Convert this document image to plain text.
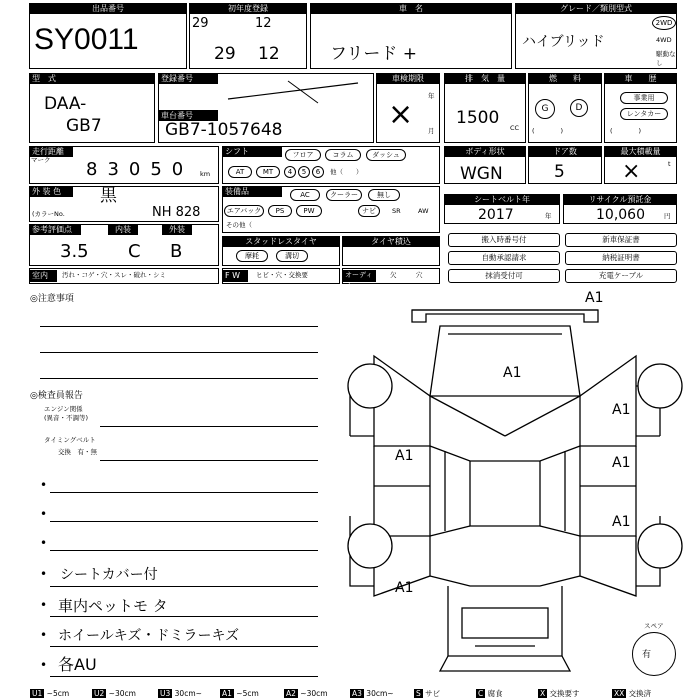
出品番号
SY0011
初年度登録
29	12
29 12
車　名
フリード +
グレード／類別型式
ハイブリッド
2WD
4WD
駆動なし
型　式
DAA-
GB7
登録番号
車台番号
GB7-1057648
車検期限
年
月
×
排　気　量
1500 CC
燃　　料
G	D
(　　　　)
車　　歴
事業用
レンタカー
(　　　　)
走行距離
マーク 83050 km
シフト	フロア	コラム	ダッシュ
AT	MT	4	5	6	他（　　）
ボディ形状
WGN
ドア数
5
最大積載量
t
×
外 装 色	黒
(カラーNo.	NH 828
装備品	AC	クーラー	無し
エアバック	PS	PW	ナビ	SR	AW
その他（
シートベルト年
2017	年
リサイクル預託金
10,060	円
参考評価点
3.5
内装
C
外装
B	スタッドレスタイヤ
摩耗	溝切
タイヤ積込	搬入時番号付	新車保証書
自動承認請求	納税証明書
抹消受付可	充電ケーブル
室内	汚れ・コゲ・穴・スレ・破れ・シミ	F W	ヒビ・穴・交換要	オーディオ
欠	穴
◎注意事項
◎検査員報告
エンジン関係
(異音・不調等)
タイミングベルト
交換　有・無
•
•
•
• シートカバー付
• 車内ペットモ タ
• ホイールキズ・ドミラーキズ
• 各AU
A1
A1
A1
A1	A1
A1
A1
スペア
有
U1 ~5cm	U2 ~30cm	U3 30cm~	A1 ~5cm	A2 ~30cm	A3 30cm~	S サビ	C 腐食	X 交換要す	XX 交換済
